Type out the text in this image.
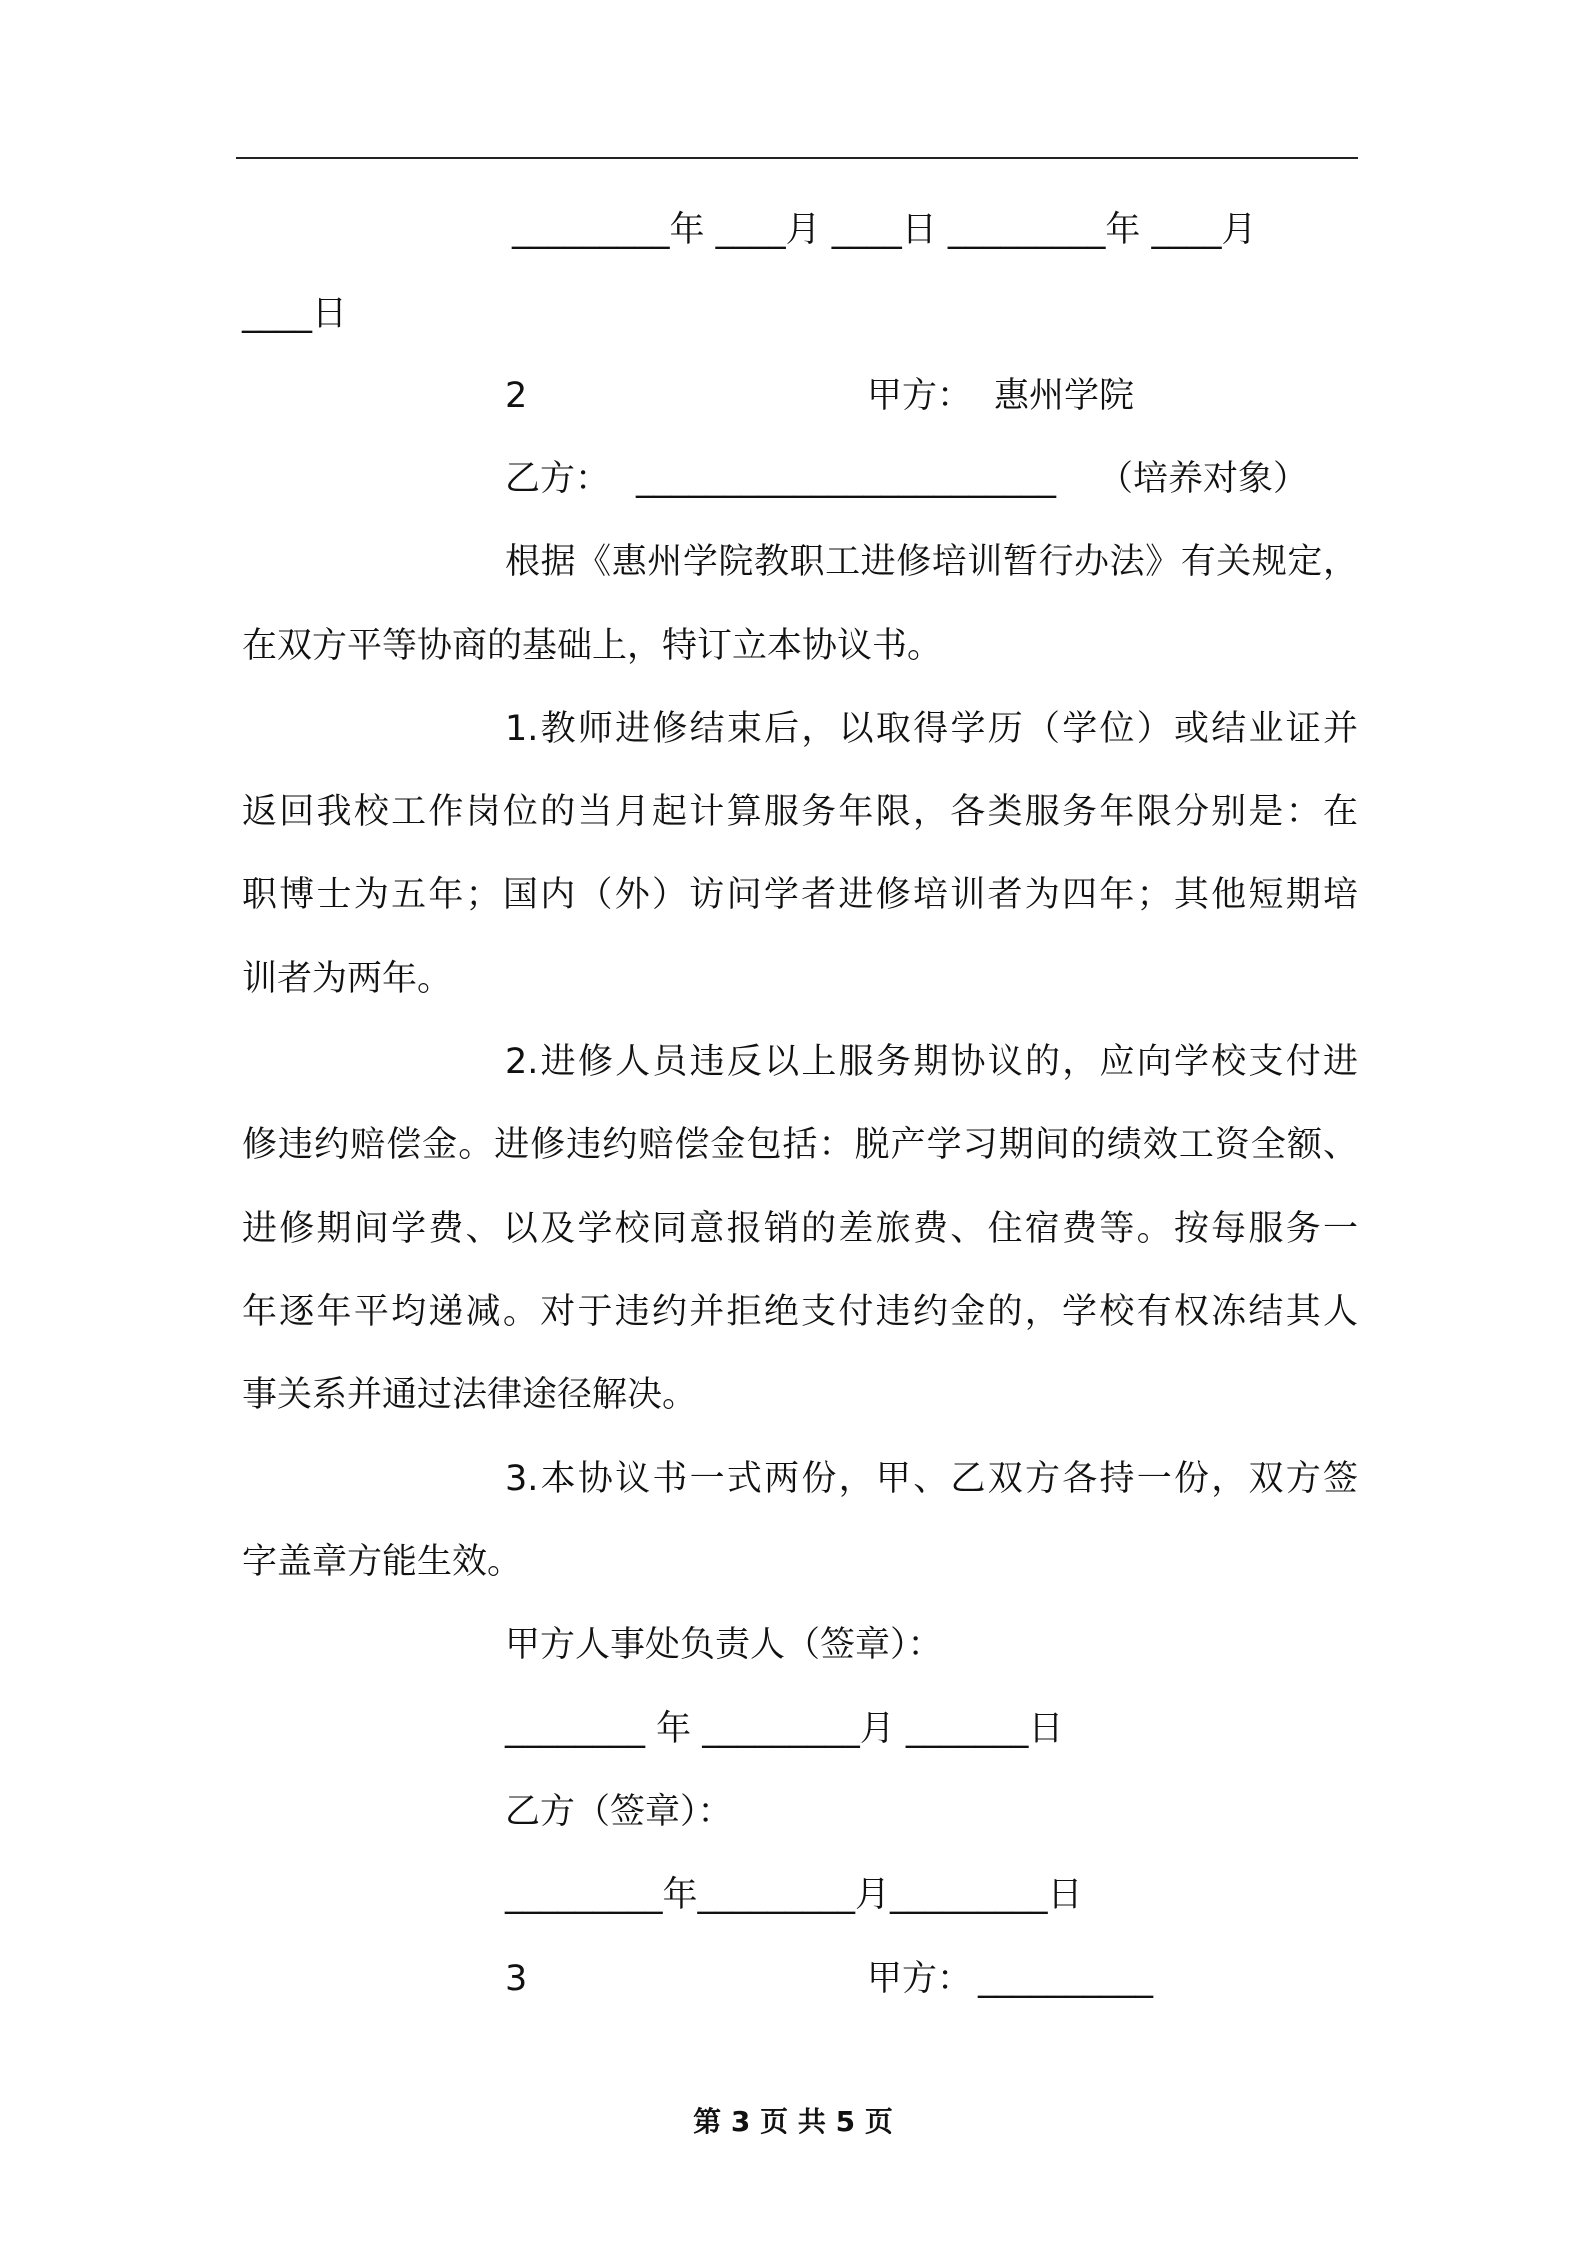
_________年 ____月 ____日 _________年 ____月
____日
2	甲方： 惠州学院
乙方： ________________________ （培养对象）
根据《惠州学院教职工进修培训暂行办法》有关规定，
在双方平等协商的基础上，特订立本协议书。
1.教师进修结束后，以取得学历（学位）或结业证并
返回我校工作岗位的当月起计算服务年限，各类服务年限分别是：在
职博士为五年；国内（外）访问学者进修培训者为四年；其他短期培
训者为两年。
2.进修人员违反以上服务期协议的，应向学校支付进
修违约赔偿金。进修违约赔偿金包括：脱产学习期间的绩效工资全额、
进修期间学费、以及学校同意报销的差旅费、住宿费等。按每服务一
年逐年平均递减。对于违约并拒绝支付违约金的，学校有权冻结其人
事关系并通过法律途径解决。
3.本协议书一式两份，甲、乙双方各持一份，双方签
字盖章方能生效。
甲方人事处负责人（签章）：
________ 年 _________月 _______日
乙方（签章）：
_________年_________月_________日
3	甲方： __________
第 3 页 共 5 页
